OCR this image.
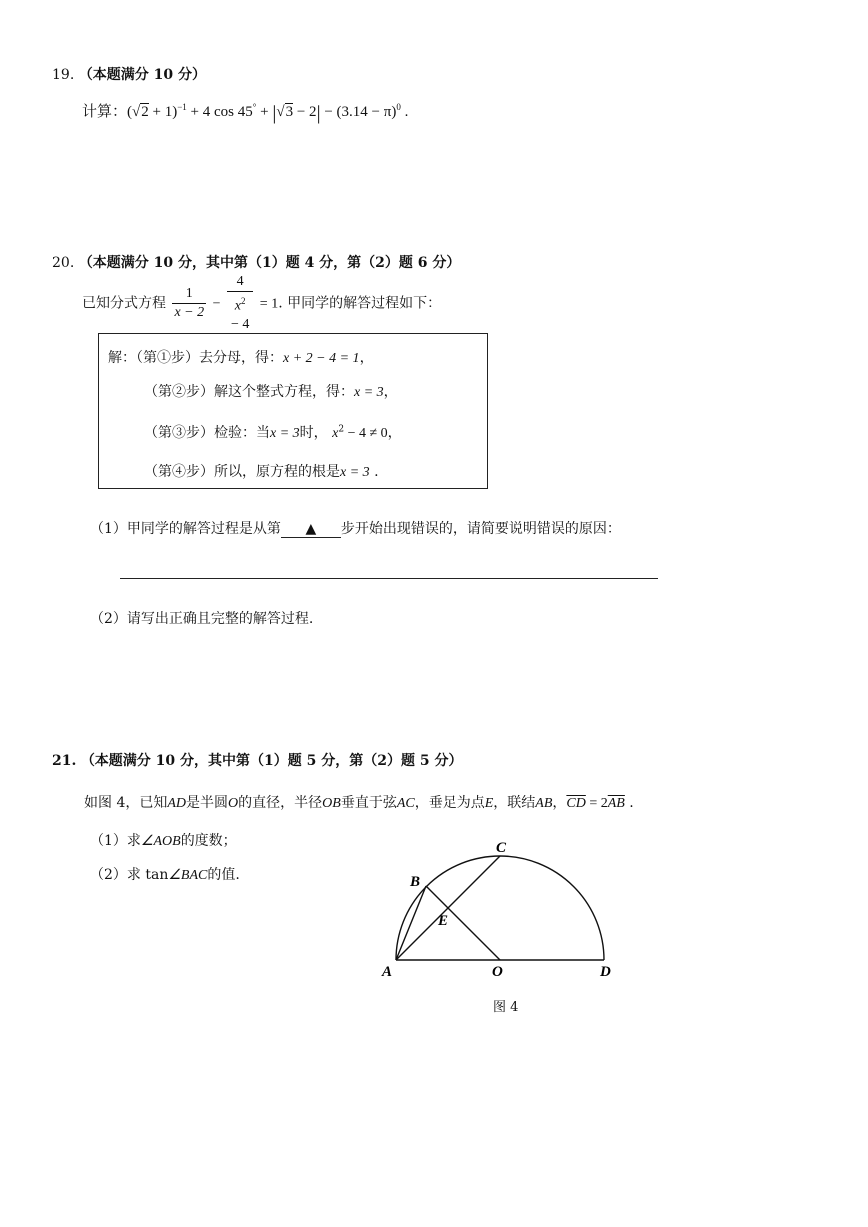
19. （本题满分 10 分）
计算：$(√2 + 1)^{-1} + 4$ $\cos 45^\circ + |√3 - 2| - (3.14 - \pi)^0$ .
20. （本题满分 10 分，其中第（1）题 4 分，第（2）题 6 分）
已知分式方程 $\frac{1}{x - 2} - 4$
$x^2$
− 4 = 1. 甲同学的解答过程如下：
解：（第①步）去分母，得：x + 2 − 4 = 1，
（第②步）解这个整式方程，得：x = 3，
（第③步）检验：当x = 3时， $x^2 - 4 \ne 0$，
（第④步）所以，原方程的根是x = 3 .
（1）甲同学的解答过程是从第 ▲ 步开始出现错误的，请简要说明错误的原因：
（2）请写出正确且完整的解答过程.
21. （本题满分 10 分，其中第（1）题 5 分，第（2）题 5 分）
如图 4，已知AD是半圆O的直径，半径OB垂直于弦AC，垂足为点E，联结AB，$\overline{CD} = 2\overline{AB}$ .
（1）求∠AOB的度数；
（2）求 tan∠BAC的值.
A
B
C
D
E
O
图 4
